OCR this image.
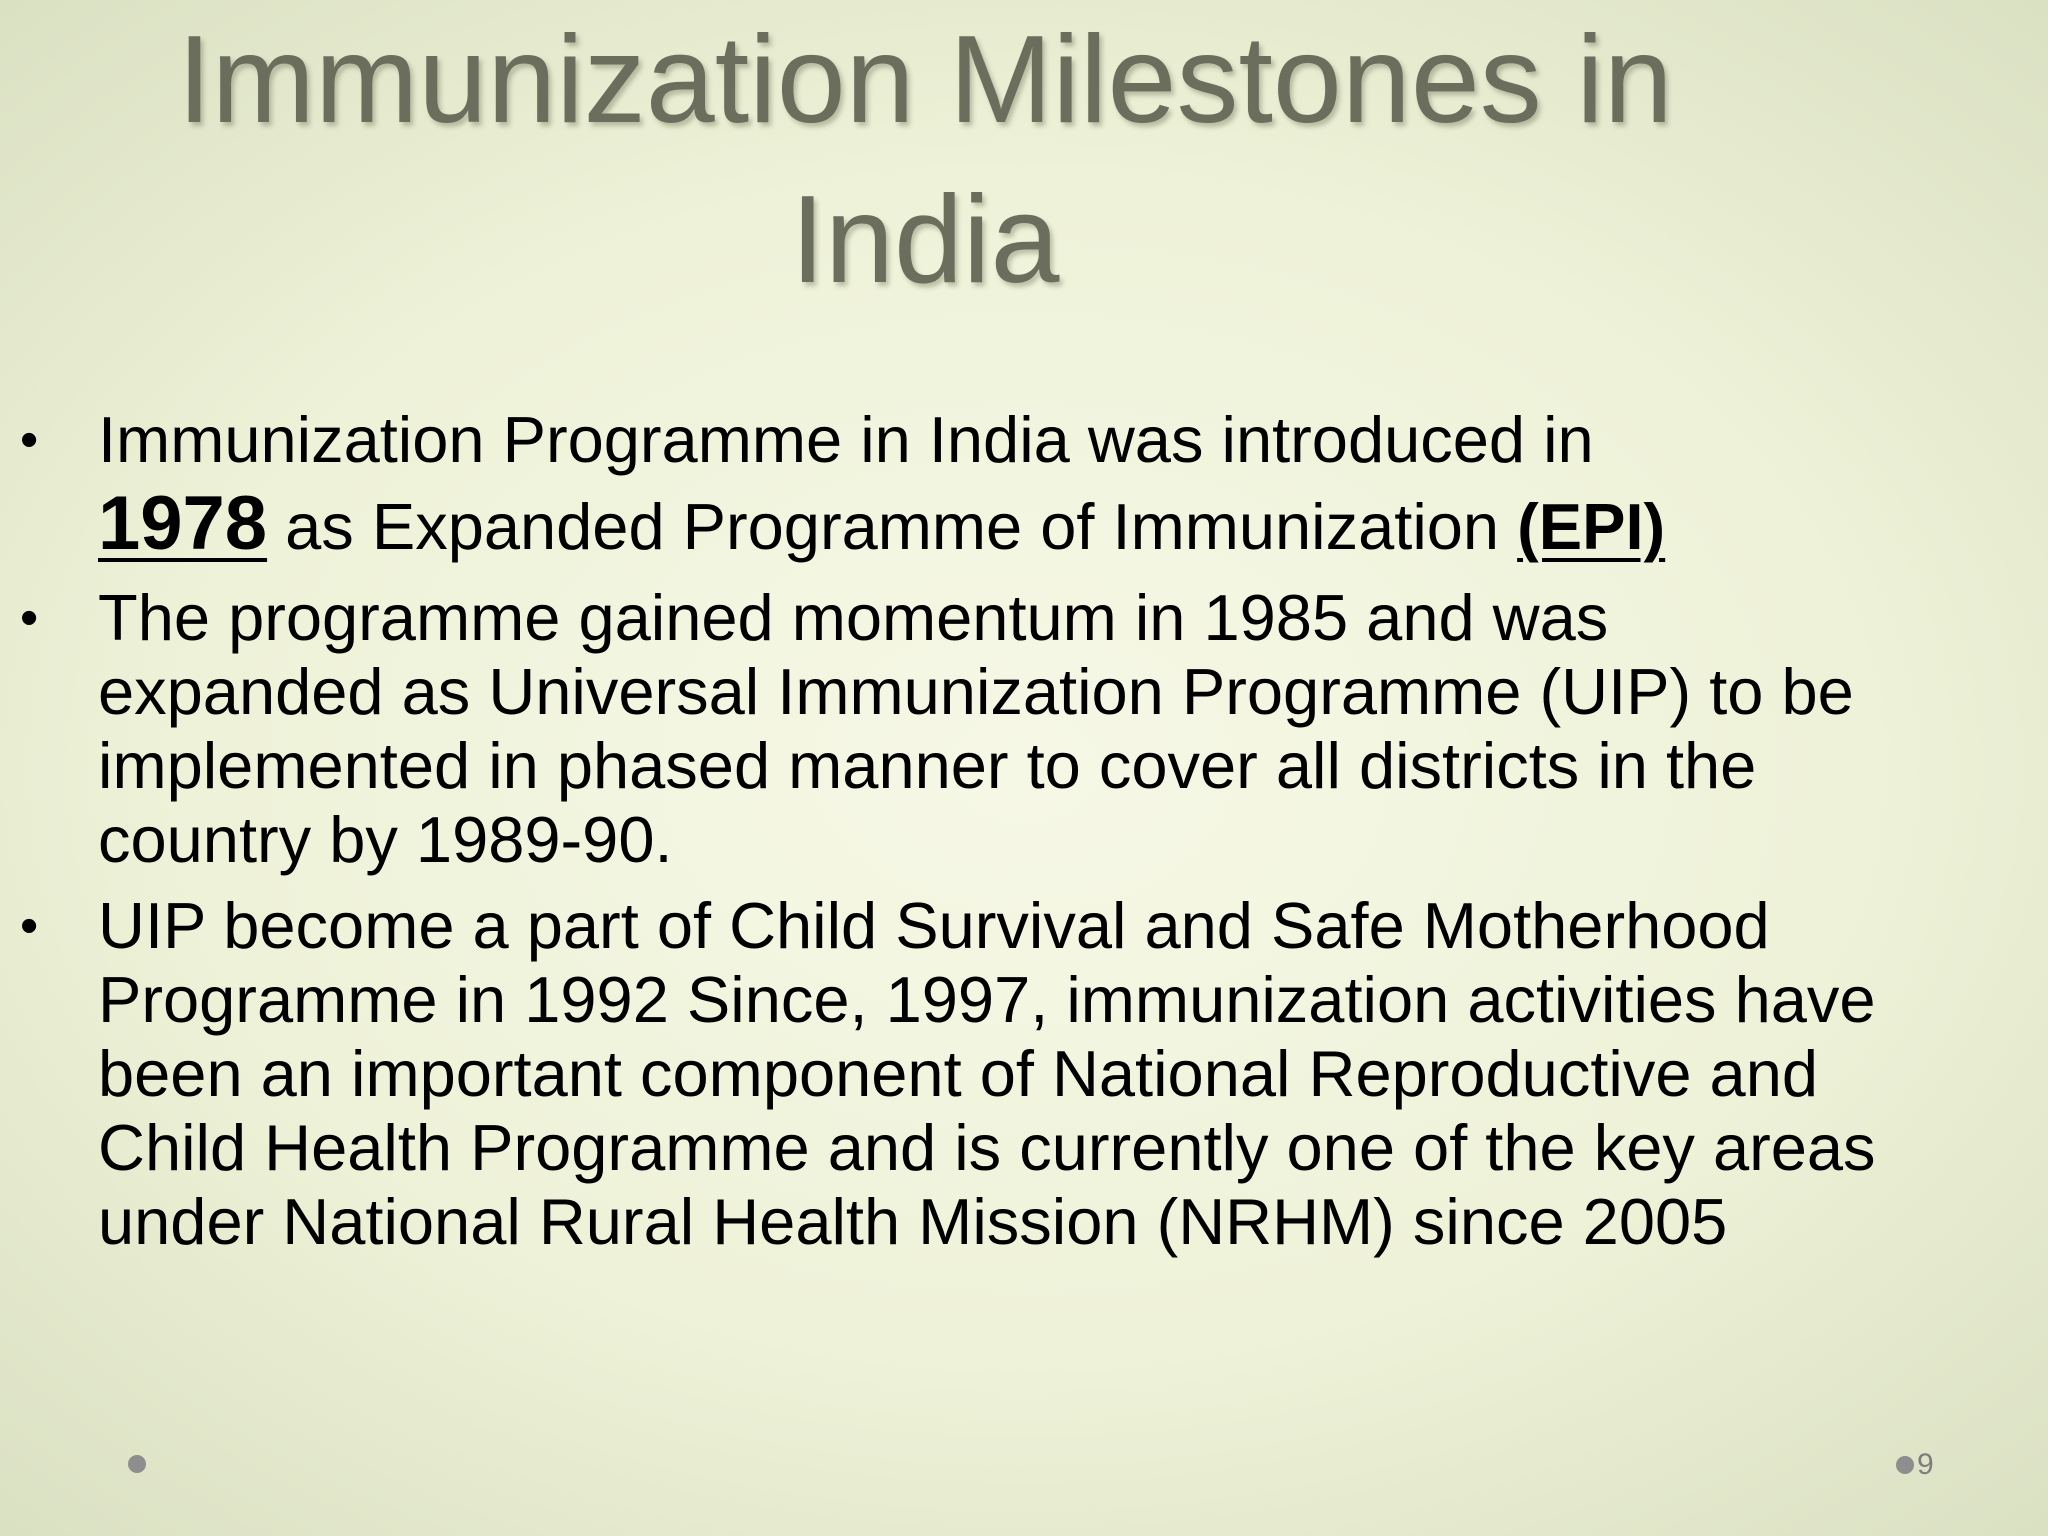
Immunization Milestones in
India
• Immunization Programme in India was introduced in
1978 as Expanded Programme of Immunization (EPI)
• The programme gained momentum in 1985 and was expanded as Universal Immunization Programme (UIP) to be implemented in phased manner to cover all districts in the country by 1989-90.
• UIP become a part of Child Survival and Safe Motherhood Programme in 1992 Since, 1997, immunization activities have been an important component of National Reproductive and Child Health Programme and is currently one of the key areas under National Rural Health Mission (NRHM) since 2005
9
